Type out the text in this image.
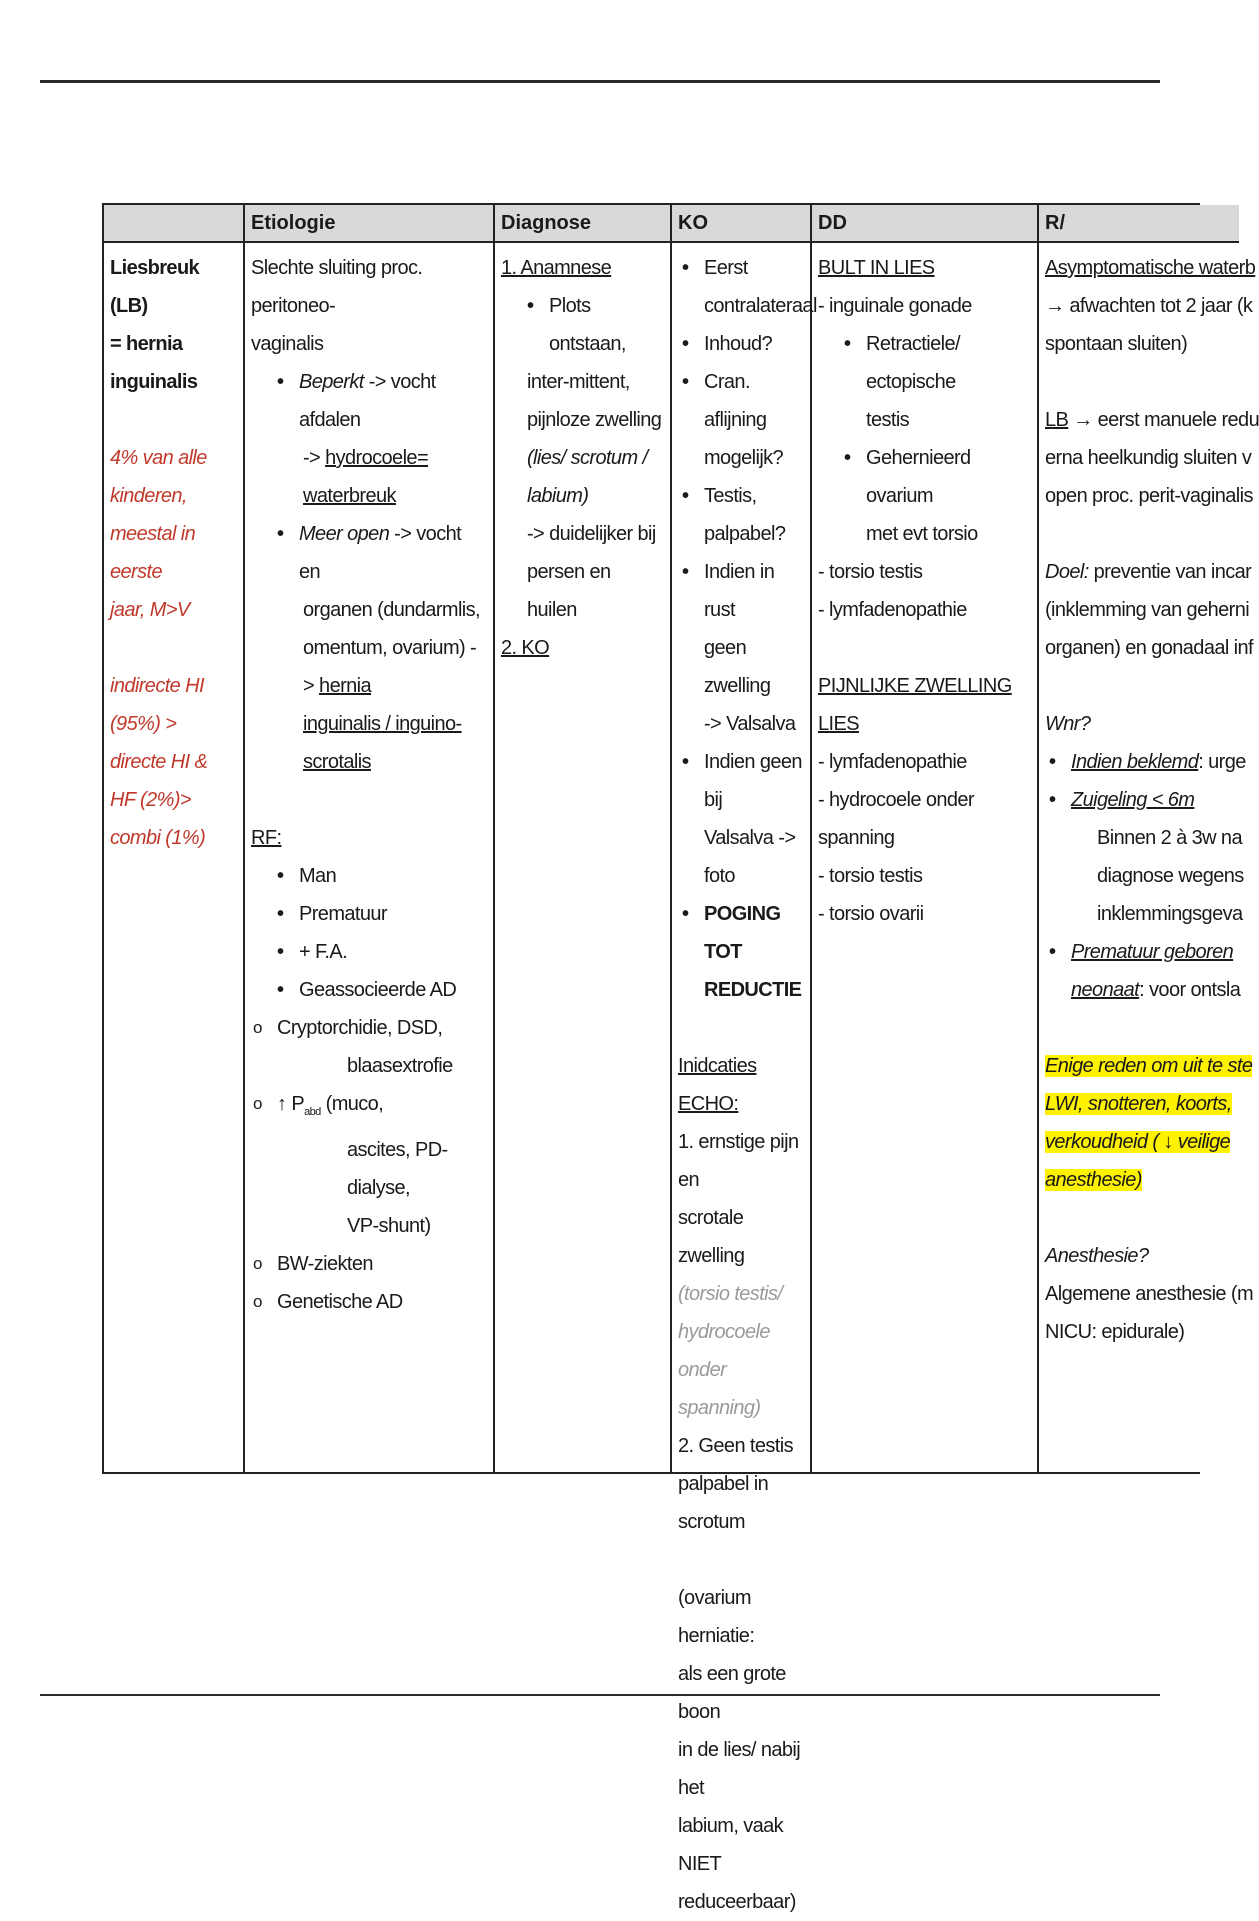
Liesbreuk (LB)

= hernia inguinalis

4% van alle kinderen,

meestal in eerste

jaar, M>V

indirecte HI (95%) >

directe HI & HF (2%)>

combi (1%)

Etiologie

Slechte sluiting proc. peritoneo-

vaginalis

• Beperkt -> vocht afdalen

-> hydrocoele= waterbreuk

• Meer open -> vocht en

organen (dundarmlis,

omentum, ovarium) -> hernia

inguinalis / inguino-scrotalis

RF:

• Man

• Prematuur

• + F.A.

• Geassocieerde AD

o Cryptorchidie, DSD,

blaasextrofie

o ↑ $P_{abd}$ (muco,

ascites, PD- dialyse,

VP-shunt)

o BW-ziekten

o Genetische AD

Diagnose

1. Anamnese

• Plots ontstaan,

inter-mittent,

pijnloze zwelling

(lies/ scrotum /

labium)

-> duidelijker bij

persen en huilen

2. KO

KO

• Eerst

contralateraal

• Inhoud?

• Cran. aflijning

mogelijk?

• Testis,

palpabel?

• Indien in rust

geen zwelling

-> Valsalva

• Indien geen bij

Valsalva -> foto

• POGING TOT

REDUCTIE

Inidcaties ECHO:

1. ernstige pijn en

scrotale zwelling

(torsio testis/

hydrocoele onder

spanning)

2. Geen testis

palpabel in

scrotum

(ovarium herniatie:

als een grote boon

in de lies/ nabij het

labium, vaak NIET

reduceerbaar)

DD

BULT IN LIES

- inguinale gonade

• Retractiele/ ectopische

testis

• Gehernieerd ovarium

met evt torsio

- torsio testis

- lymfadenopathie

PIJNLIJKE ZWELLING LIES

- lymfadenopathie

- hydrocoele onder spanning

- torsio testis

- torsio ovarii

R/

Asymptomatische waterb

→ afwachten tot 2 jaar (k

spontaan sluiten)

LB → eerst manuele redu

erna heelkundig sluiten v

open proc. perit-vaginalis

Doel: preventie van incar

(inklemming van geherni

organen) en gonadaal inf

Wnr?

• Indien beklemd: urge

• Zuigeling < 6m

Binnen 2 à 3w na

diagnose wegens

inklemmingsgeva

• Prematuur geboren

neonaat: voor ontsla

Enige reden om uit te ste

LWI, snotteren, koorts,

verkoudheid ( ↓ veilige

anesthesie)

Anesthesie?

Algemene anesthesie (m

NICU: epidurale)
